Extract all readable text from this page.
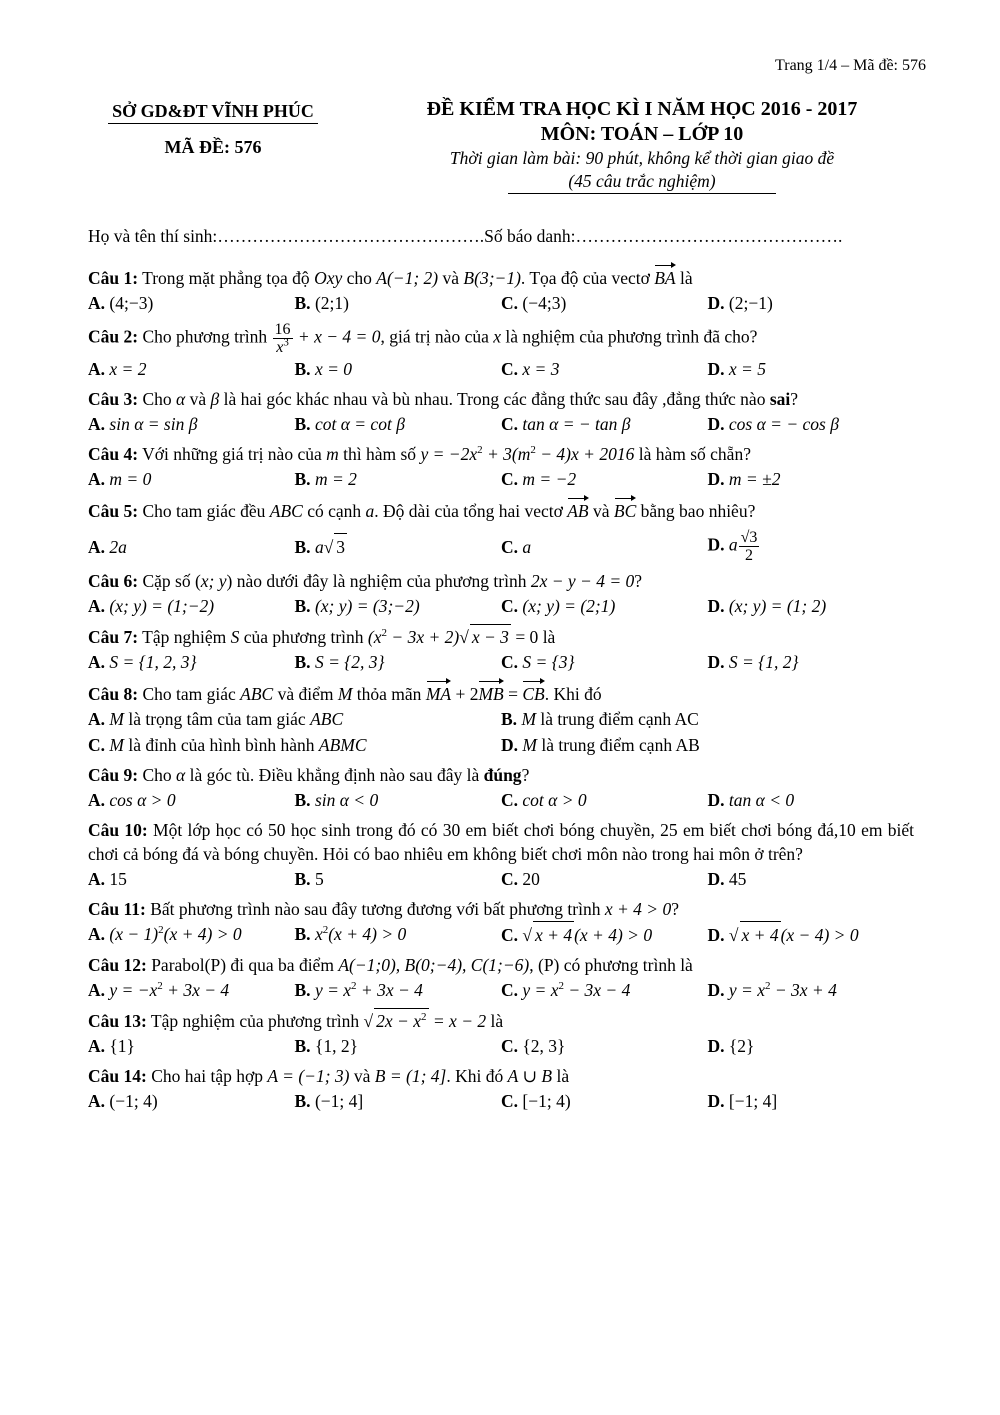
Trang 1/4 – Mã đề: 576
SỞ GD&ĐT VĨNH PHÚC
MÃ ĐỀ: 576
ĐỀ KIỂM TRA HỌC KÌ I NĂM HỌC 2016 - 2017
MÔN: TOÁN – LỚP 10
Thời gian làm bài: 90 phút, không kể thời gian giao đề
(45 câu trắc nghiệm)
Họ và tên thí sinh:……………………………………….Số báo danh:……………………………………….
Câu 1: Trong mặt phẳng tọa độ Oxy cho A(−1; 2) và B(3;−1). Tọa độ của vectơ BA là
A. (4;−3)	B. (2;1)	C. (−4;3)	D. (2;−1)
Câu 2: Cho phương trình $\frac{16}{x^3} + x - 4 = 0$, giá trị nào của x là nghiệm của phương trình đã cho?
A. x = 2	B. x = 0	C. x = 3	D. x = 5
Câu 3: Cho α và β là hai góc khác nhau và bù nhau. Trong các đẳng thức sau đây ,đẳng thức nào sai?
A. sin α = sin β	B. cot α = cot β	C. tan α = − tan β	D. cos α = − cos β
Câu 4: Với những giá trị nào của m thì hàm số $y = -2x^2 + 3(m^2 - 4)x + 2016$ là hàm số chẵn?
A. m = 0	B. m = 2	C. m = −2	D. m = ±2
Câu 5: Cho tam giác đều ABC có cạnh a. Độ dài của tổng hai vectơ AB và BC bằng bao nhiêu?
A. 2a	B. a√ 3	C. a	D. a $\frac{√3}{2}$
Câu 6: Cặp số (x; y) nào dưới đây là nghiệm của phương trình 2x − y − 4 = 0?
A. (x; y) = (1;−2)	B. (x; y) = (3;−2)	C. (x; y) = (2;1)	D. (x; y) = (1; 2)
Câu 7: Tập nghiệm S của phương trình $(x^2 - 3x + 2)√$ x − 3 = 0 là
A. S = {1, 2, 3}	B. S = {2, 3}	C. S = {3}	D. S = {1, 2}
Câu 8: Cho tam giác ABC và điểm M thỏa mãn MA + 2MB = CB. Khi đó
A. M là trọng tâm của tam giác ABC	B. M là trung điểm cạnh AC
C. M là đỉnh của hình bình hành ABMC	D. M là trung điểm cạnh AB
Câu 9: Cho α là góc tù. Điều khẳng định nào sau đây là đúng?
A. cos α > 0	B. sin α < 0	C. cot α > 0	D. tan α < 0
Câu 10: Một lớp học có 50 học sinh trong đó có 30 em biết chơi bóng chuyền, 25 em biết chơi bóng đá,10 em biết chơi cả bóng đá và bóng chuyền. Hỏi có bao nhiêu em không biết chơi môn nào trong hai môn ở trên?
A. 15	B. 5	C. 20	D. 45
Câu 11: Bất phương trình nào sau đây tương đương với bất phương trình x + 4 > 0?
A. $(x - 1)^2(x + 4) > 0$	B. $x^2(x + 4) > 0$	C. √ x + 4 (x + 4) > 0	D. √ x + 4 (x − 4) > 0
Câu 12: Parabol(P) đi qua ba điểm A(−1;0), B(0;−4), C(1;−6), (P) có phương trình là
A. $y = -x^2 + 3x - 4$	B. $y = x^2 + 3x - 4$	C. $y = x^2 - 3x - 4$	D. $y = x^2 - 3x + 4$
Câu 13: Tập nghiệm của phương trình √ $2x - x^2 = x - 2$ là
A. {1}	B. {1, 2}	C. {2, 3}	D. {2}
Câu 14: Cho hai tập hợp A = (−1; 3) và B = (1; 4]. Khi đó A ∪ B là
A. (−1; 4)	B. (−1; 4]	C. [−1; 4)	D. [−1; 4]
